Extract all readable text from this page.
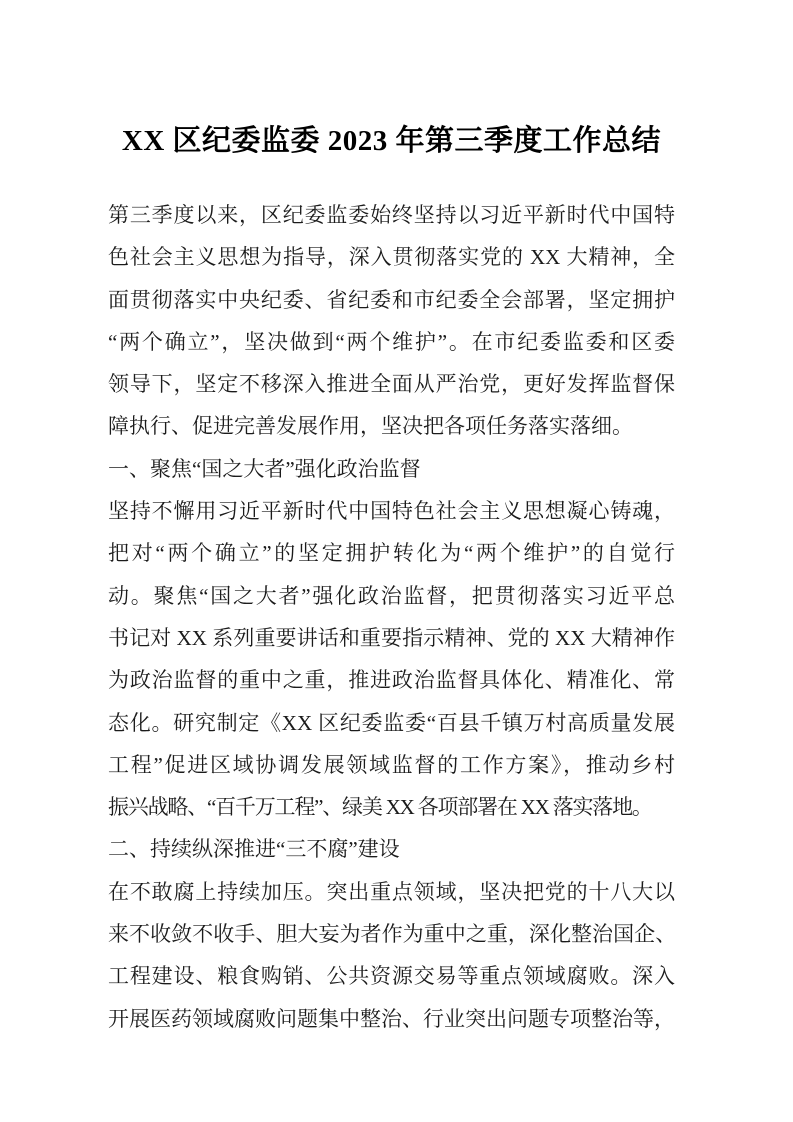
XX 区纪委监委 2023 年第三季度工作总结
第三季度以来，区纪委监委始终坚持以习近平新时代中国特
色社会主义思想为指导，深入贯彻落实党的 XX 大精神，全
面贯彻落实中央纪委、省纪委和市纪委全会部署，坚定拥护
“两个确立”，坚决做到“两个维护”。在市纪委监委和区委
领导下，坚定不移深入推进全面从严治党，更好发挥监督保
障执行、促进完善发展作用，坚决把各项任务落实落细。
一、聚焦“国之大者”强化政治监督
坚持不懈用习近平新时代中国特色社会主义思想凝心铸魂，
把对“两个确立”的坚定拥护转化为“两个维护”的自觉行
动。聚焦“国之大者”强化政治监督，把贯彻落实习近平总
书记对 XX 系列重要讲话和重要指示精神、党的 XX 大精神作
为政治监督的重中之重，推进政治监督具体化、精准化、常
态化。研究制定《XX 区纪委监委“百县千镇万村高质量发展
工程”促进区域协调发展领域监督的工作方案》，推动乡村
振兴战略、“百千万工程”、绿美 XX 各项部署在 XX 落实落地。
二、持续纵深推进“三不腐”建设
在不敢腐上持续加压。突出重点领域，坚决把党的十八大以
来不收敛不收手、胆大妄为者作为重中之重，深化整治国企、
工程建设、粮食购销、公共资源交易等重点领域腐败。深入
开展医药领域腐败问题集中整治、行业突出问题专项整治等，
